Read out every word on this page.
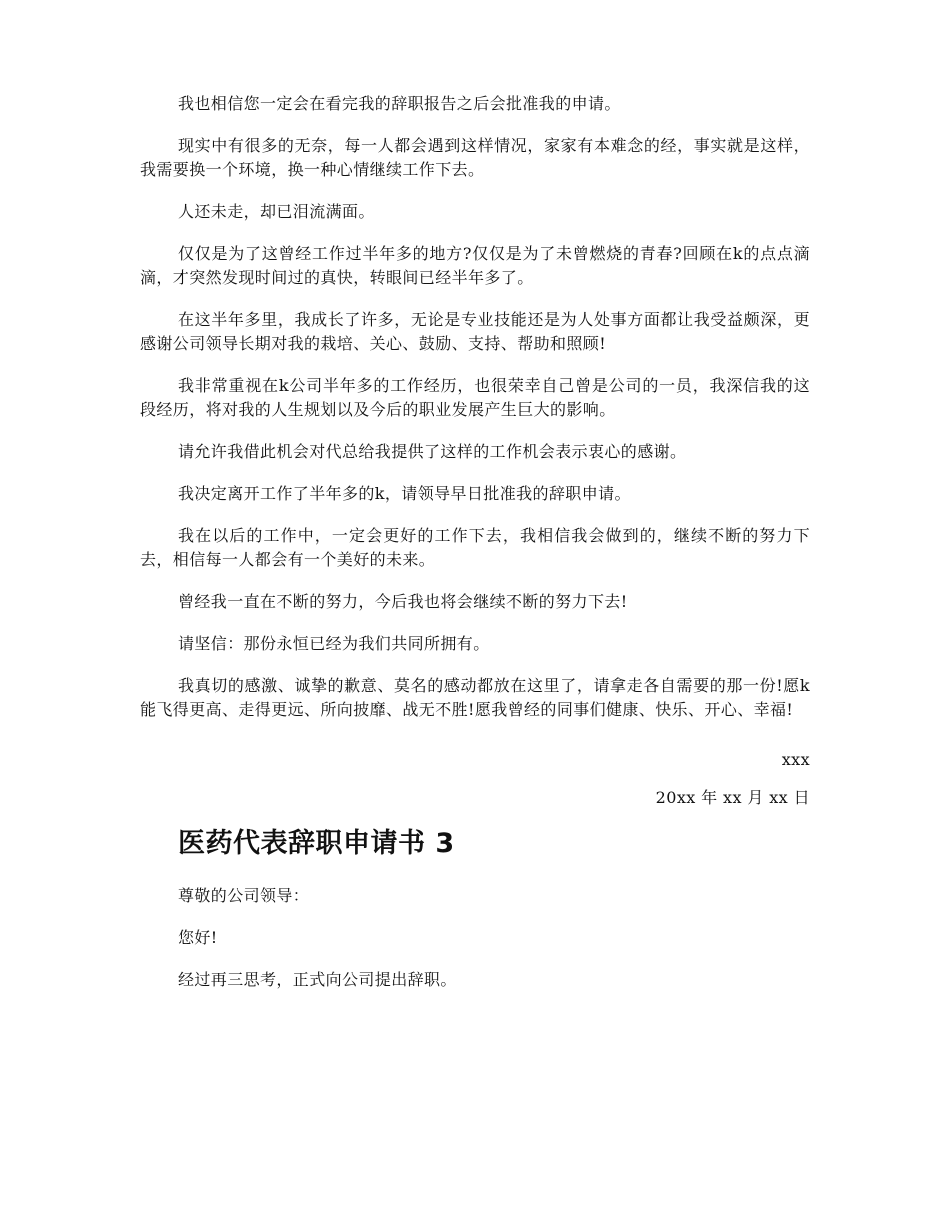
我也相信您一定会在看完我的辞职报告之后会批准我的申请。

现实中有很多的无奈，每一人都会遇到这样情况，家家有本难念的经，事实就是这样，我需要换一个环境，换一种心情继续工作下去。

人还未走，却已泪流满面。

仅仅是为了这曾经工作过半年多的地方?仅仅是为了未曾燃烧的青春?回顾在k的点点滴滴，才突然发现时间过的真快，转眼间已经半年多了。

在这半年多里，我成长了许多，无论是专业技能还是为人处事方面都让我受益颇深，更感谢公司领导长期对我的栽培、关心、鼓励、支持、帮助和照顾!

我非常重视在k公司半年多的工作经历，也很荣幸自己曾是公司的一员，我深信我的这段经历，将对我的人生规划以及今后的职业发展产生巨大的影响。

请允许我借此机会对代总给我提供了这样的工作机会表示衷心的感谢。

我决定离开工作了半年多的k，请领导早日批准我的辞职申请。

我在以后的工作中，一定会更好的工作下去，我相信我会做到的，继续不断的努力下去，相信每一人都会有一个美好的未来。

曾经我一直在不断的努力，今后我也将会继续不断的努力下去!

请坚信：那份永恒已经为我们共同所拥有。

我真切的感激、诚挚的歉意、莫名的感动都放在这里了，请拿走各自需要的那一份!愿k能飞得更高、走得更远、所向披靡、战无不胜!愿我曾经的同事们健康、快乐、开心、幸福!

xxx

20xx 年 xx 月 xx 日

医药代表辞职申请书 3

尊敬的公司领导：

您好!

经过再三思考，正式向公司提出辞职。
